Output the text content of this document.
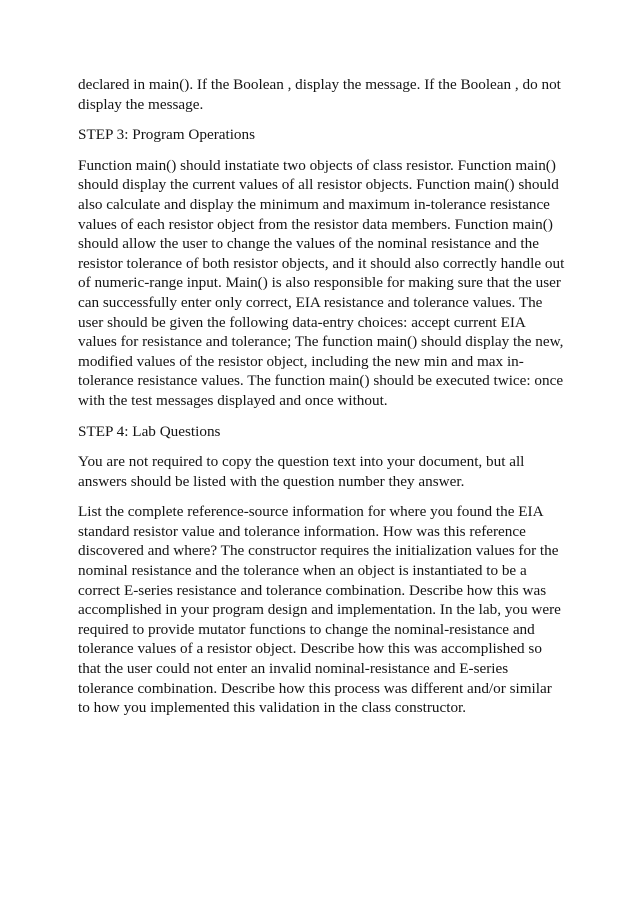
declared in main(). If the Boolean , display the message. If the Boolean , do not
display the message.

STEP 3: Program Operations

Function main() should instatiate two objects of class resistor. Function main()
should display the current values of all resistor objects. Function main() should
also calculate and display the minimum and maximum in-tolerance resistance
values of each resistor object from the resistor data members. Function main()
should allow the user to change the values of the nominal resistance and the
resistor tolerance of both resistor objects, and it should also correctly handle out
of numeric-range input. Main() is also responsible for making sure that the user
can successfully enter only correct, EIA resistance and tolerance values. The
user should be given the following data-entry choices: accept current EIA
values for resistance and tolerance; The function main() should display the new,
modified values of the resistor object, including the new min and max in-
tolerance resistance values. The function main() should be executed twice: once
with the test messages displayed and once without.

STEP 4: Lab Questions

You are not required to copy the question text into your document, but all
answers should be listed with the question number they answer.

List the complete reference-source information for where you found the EIA
standard resistor value and tolerance information. How was this reference
discovered and where? The constructor requires the initialization values for the
nominal resistance and the tolerance when an object is instantiated to be a
correct E-series resistance and tolerance combination. Describe how this was
accomplished in your program design and implementation. In the lab, you were
required to provide mutator functions to change the nominal-resistance and
tolerance values of a resistor object. Describe how this was accomplished so
that the user could not enter an invalid nominal-resistance and E-series
tolerance combination. Describe how this process was different and/or similar
to how you implemented this validation in the class constructor.
